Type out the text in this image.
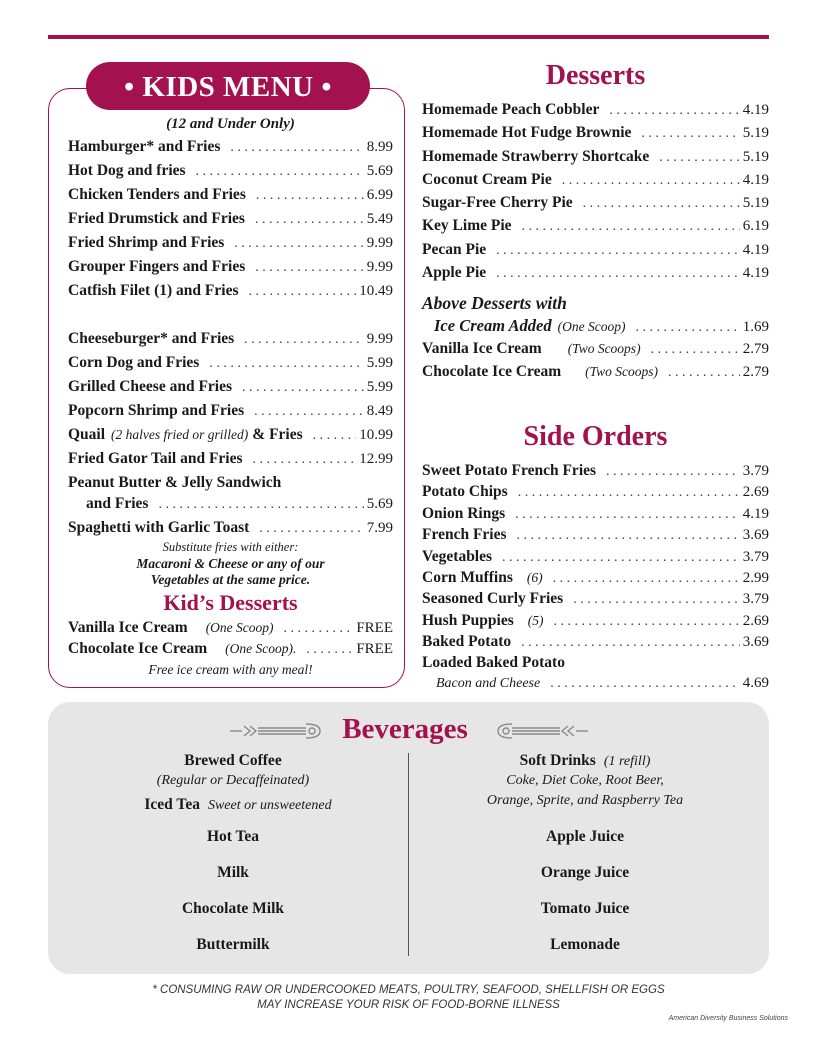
• KIDS MENU •
(12 and Under Only)
Hamburger* and Fries . . .	8.99
Hot Dog and fries . . .	5.69
Chicken Tenders and Fries . . .	6.99
Fried Drumstick and Fries . . .	5.49
Fried Shrimp and Fries . . .	9.99
Grouper Fingers and Fries . . .	9.99
Catfish Filet (1) and Fries . . .	10.49
Cheeseburger* and Fries . . .	9.99
Corn Dog and Fries . . .	5.99
Grilled Cheese and Fries . . .	5.99
Popcorn Shrimp and Fries . . .	8.49
Quail (2 halves fried or grilled) & Fries . . .	10.99
Fried Gator Tail and Fries . . .	12.99
Peanut Butter & Jelly Sandwich
and Fries . . .	5.69
Spaghetti with Garlic Toast . . .	7.99
Substitute fries with either:
Macaroni & Cheese or any of our
Vegetables at the same price.
Kid’s Desserts
Vanilla Ice Cream (One Scoop) . . .	FREE
Chocolate Ice Cream (One Scoop). . . .	FREE
Free ice cream with any meal!
Desserts
Homemade Peach Cobbler . . .	4.19
Homemade Hot Fudge Brownie . . .	5.19
Homemade Strawberry Shortcake . . .	5.19
Coconut Cream Pie . . .	4.19
Sugar-Free Cherry Pie . . .	5.19
Key Lime Pie . . .	6.19
Pecan Pie . . .	4.19
Apple Pie . . .	4.19
Above Desserts with
Ice Cream Added (One Scoop) . . .	1.69
Vanilla Ice Cream (Two Scoops) . . .	2.79
Chocolate Ice Cream (Two Scoops) . . .	2.79
Side Orders
Sweet Potato French Fries . . .	3.79
Potato Chips . . .	2.69
Onion Rings . . .	4.19
French Fries . . .	3.69
Vegetables . . .	3.79
Corn Muffins (6) . . .	2.99
Seasoned Curly Fries . . .	3.79
Hush Puppies (5) . . .	2.69
Baked Potato . . .	3.69
Loaded Baked Potato
Bacon and Cheese . . .	4.69
Beverages
Brewed Coffee
(Regular or Decaffeinated)
Iced Tea Sweet or unsweetened
Hot Tea
Milk
Chocolate Milk
Buttermilk
Soft Drinks (1 refill)
Coke, Diet Coke, Root Beer,
Orange, Sprite, and Raspberry Tea
Apple Juice
Orange Juice
Tomato Juice
Lemonade
* CONSUMING RAW OR UNDERCOOKED MEATS, POULTRY, SEAFOOD, SHELLFISH OR EGGS
MAY INCREASE YOUR RISK OF FOOD-BORNE ILLNESS
American Diversity Business Solutions
